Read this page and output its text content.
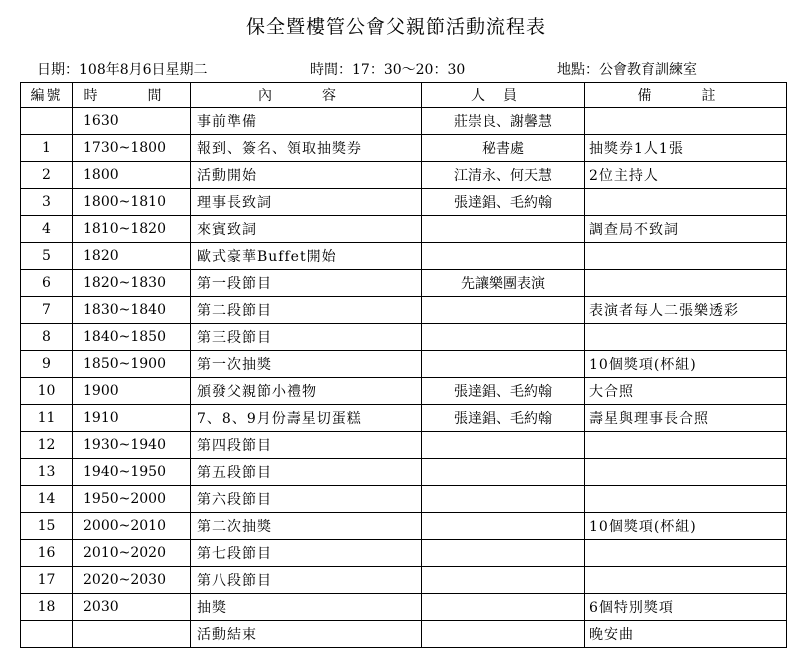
保全暨樓管公會父親節活動流程表
日期：108年8月6日星期二	時間：17：30～20：30	地點：公會教育訓練室
編號	時　間	內　容	人員	備　註
	1630	事前準備	莊崇良、謝馨慧	
1	1730~1800	報到、簽名、領取抽獎券	秘書處	抽獎券1人1張
2	1800	活動開始	江清永、何天慧	2位主持人
3	1800~1810	理事長致詞	張達錩、毛約翰	
4	1810~1820	來賓致詞		調查局不致詞
5	1820	歐式豪華Buffet開始		
6	1820~1830	第一段節目	先讓樂團表演	
7	1830~1840	第二段節目		表演者每人二張樂透彩
8	1840~1850	第三段節目		
9	1850~1900	第一次抽獎		10個獎項(杯組)
10	1900	頒發父親節小禮物	張達錩、毛約翰	大合照
11	1910	7、8、9月份壽星切蛋糕	張達錩、毛約翰	壽星與理事長合照
12	1930~1940	第四段節目		
13	1940~1950	第五段節目		
14	1950~2000	第六段節目		
15	2000~2010	第二次抽獎		10個獎項(杯組)
16	2010~2020	第七段節目		
17	2020~2030	第八段節目		
18	2030	抽獎		6個特別獎項
		活動結束		晚安曲
